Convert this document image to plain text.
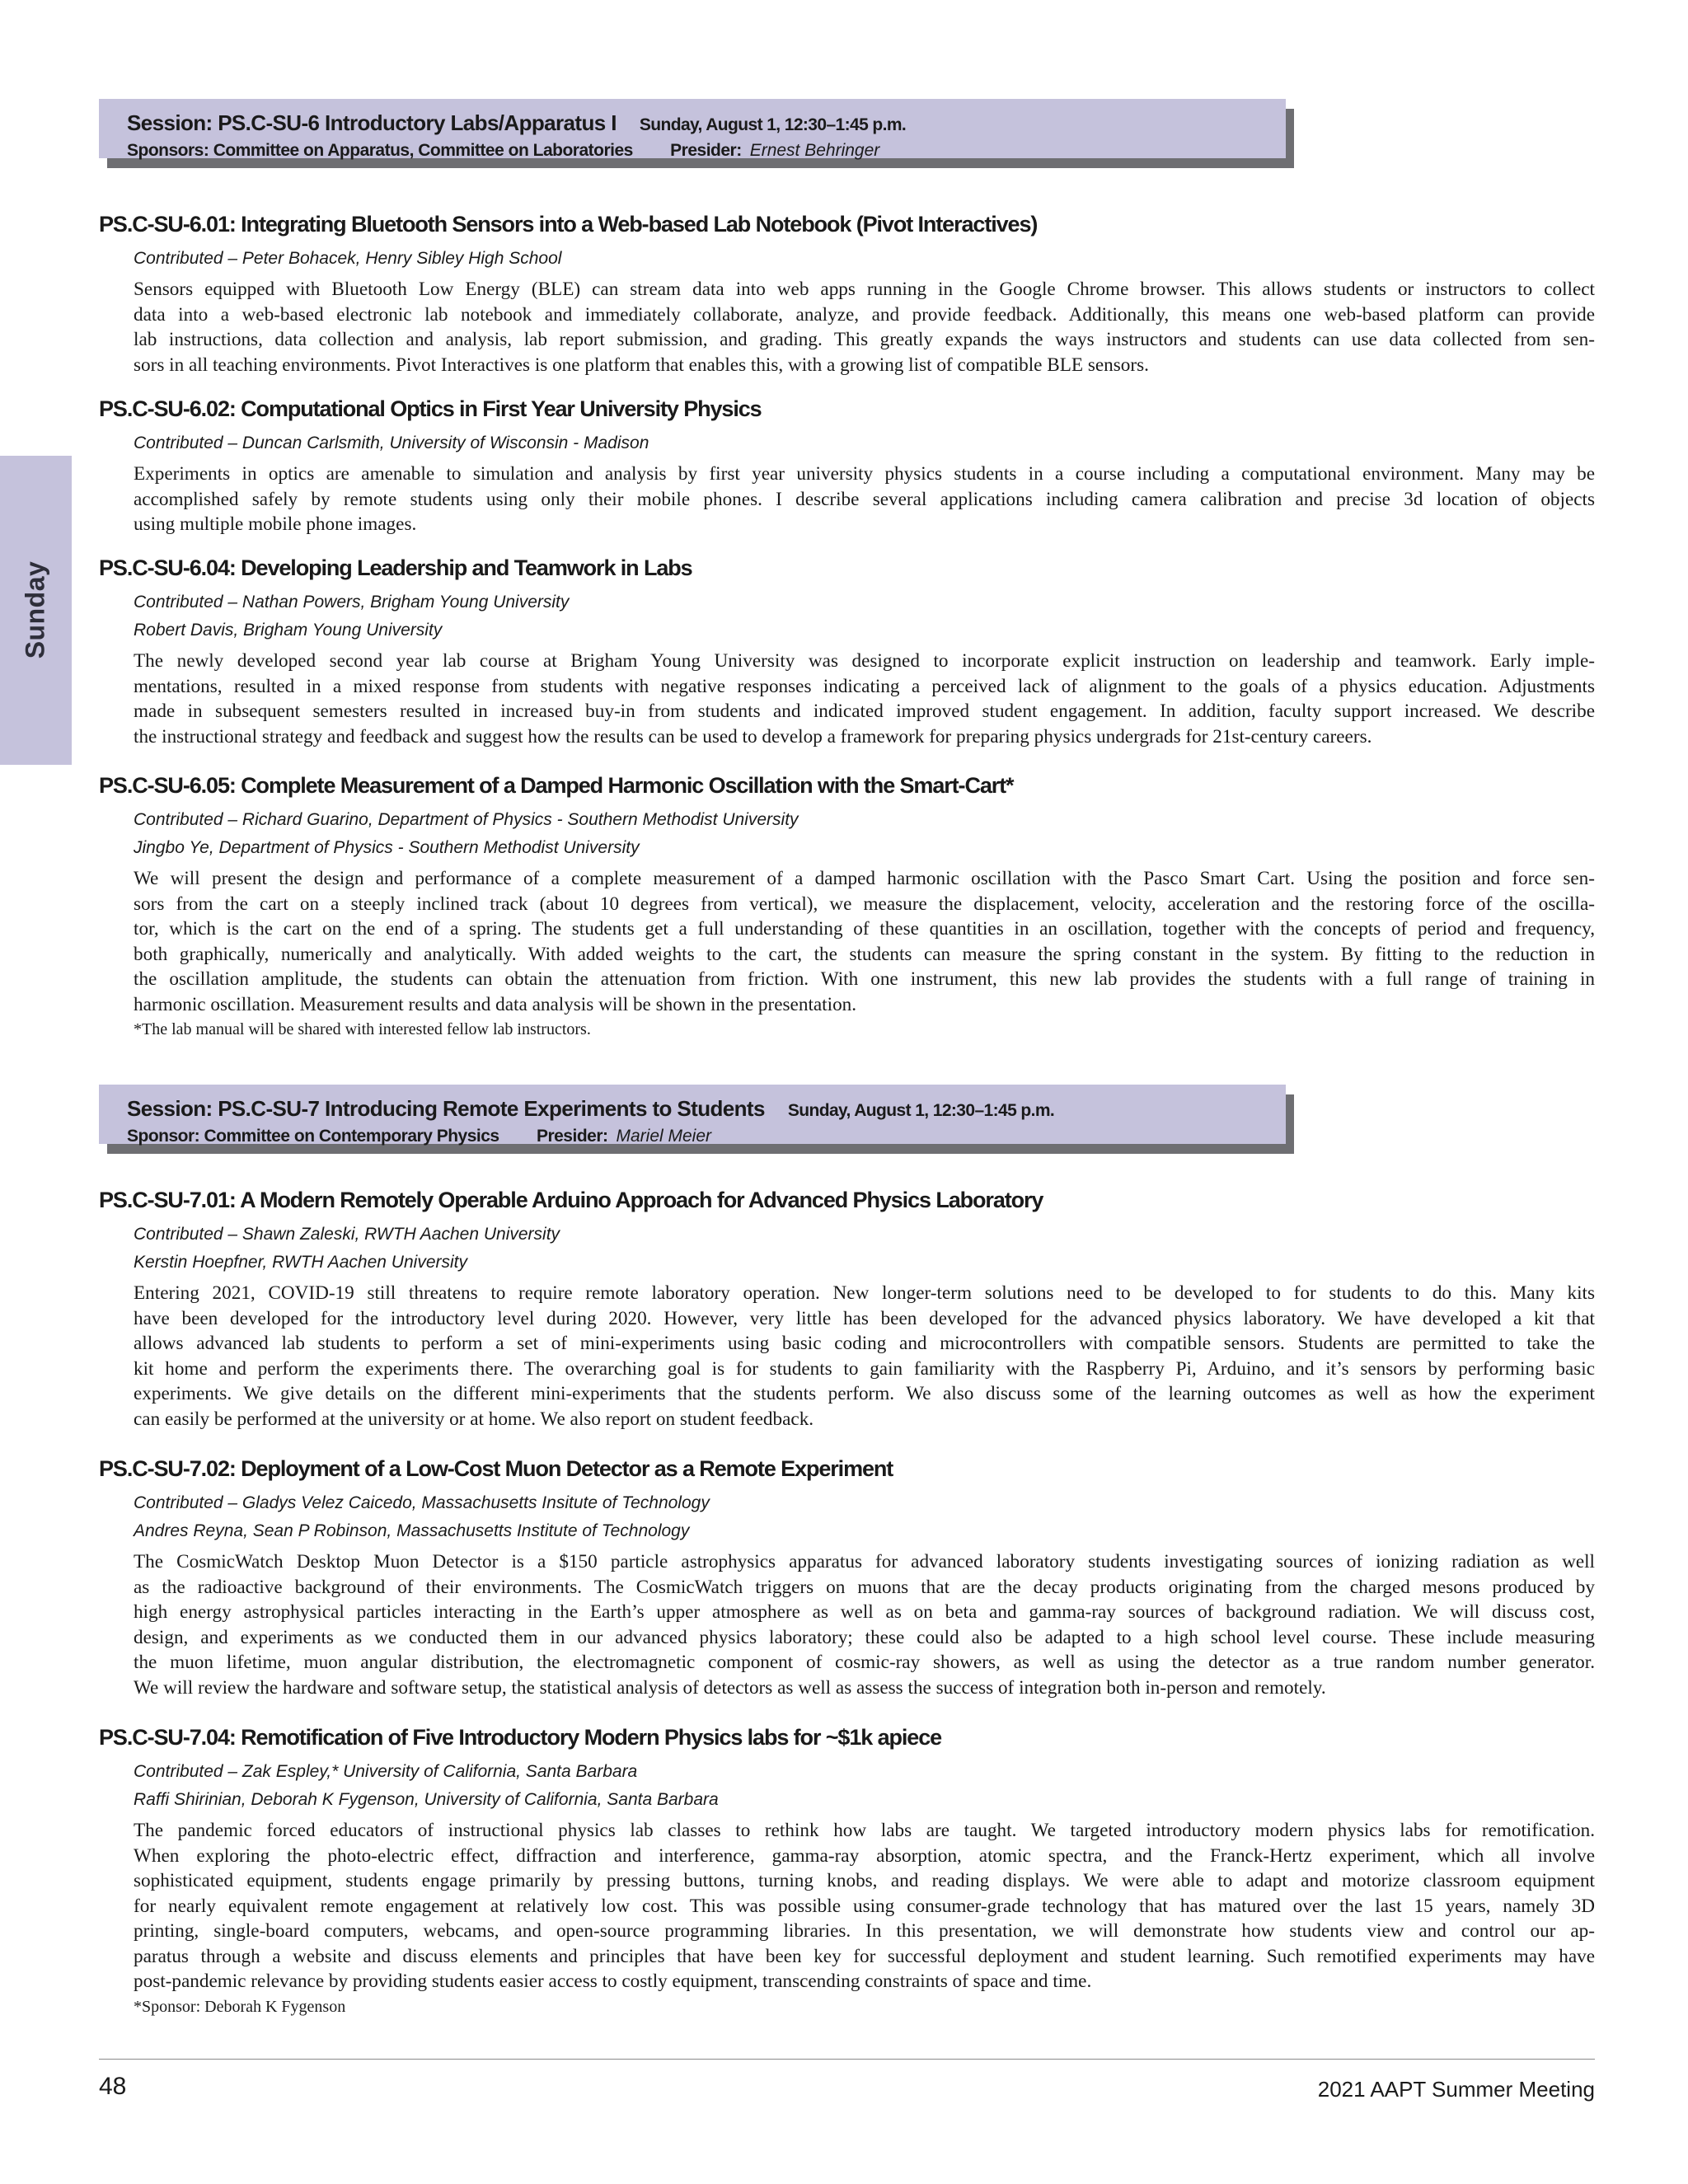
Sunday
Session: PS.C-SU-6 Introductory Labs/Apparatus I Sunday, August 1, 12:30–1:45 p.m.
Sponsors: Committee on Apparatus, Committee on Laboratories Presider: Ernest Behringer
PS.C-SU-6.01: Integrating Bluetooth Sensors into a Web-based Lab Notebook (Pivot Interactives)
Contributed – Peter Bohacek, Henry Sibley High School
Sensors equipped with Bluetooth Low Energy (BLE) can stream data into web apps running in the Google Chrome browser. This allows students or instructors to collect
data into a web-based electronic lab notebook and immediately collaborate, analyze, and provide feedback. Additionally, this means one web-based platform can provide
lab instructions, data collection and analysis, lab report submission, and grading. This greatly expands the ways instructors and students can use data collected from sen-
sors in all teaching environments. Pivot Interactives is one platform that enables this, with a growing list of compatible BLE sensors.
PS.C-SU-6.02: Computational Optics in First Year University Physics
Contributed – Duncan Carlsmith, University of Wisconsin - Madison
Experiments in optics are amenable to simulation and analysis by first year university physics students in a course including a computational environment. Many may be
accomplished safely by remote students using only their mobile phones. I describe several applications including camera calibration and precise 3d location of objects
using multiple mobile phone images.
PS.C-SU-6.04: Developing Leadership and Teamwork in Labs
Contributed – Nathan Powers, Brigham Young University
Robert Davis, Brigham Young University
The newly developed second year lab course at Brigham Young University was designed to incorporate explicit instruction on leadership and teamwork. Early imple-
mentations, resulted in a mixed response from students with negative responses indicating a perceived lack of alignment to the goals of a physics education. Adjustments
made in subsequent semesters resulted in increased buy-in from students and indicated improved student engagement. In addition, faculty support increased. We describe
the instructional strategy and feedback and suggest how the results can be used to develop a framework for preparing physics undergrads for 21st-century careers.
PS.C-SU-6.05: Complete Measurement of a Damped Harmonic Oscillation with the Smart-Cart*
Contributed – Richard Guarino, Department of Physics - Southern Methodist University
Jingbo Ye, Department of Physics - Southern Methodist University
We will present the design and performance of a complete measurement of a damped harmonic oscillation with the Pasco Smart Cart. Using the position and force sen-
sors from the cart on a steeply inclined track (about 10 degrees from vertical), we measure the displacement, velocity, acceleration and the restoring force of the oscilla-
tor, which is the cart on the end of a spring. The students get a full understanding of these quantities in an oscillation, together with the concepts of period and frequency,
both graphically, numerically and analytically. With added weights to the cart, the students can measure the spring constant in the system. By fitting to the reduction in
the oscillation amplitude, the students can obtain the attenuation from friction. With one instrument, this new lab provides the students with a full range of training in
harmonic oscillation. Measurement results and data analysis will be shown in the presentation.
*The lab manual will be shared with interested fellow lab instructors.
Session: PS.C-SU-7 Introducing Remote Experiments to Students Sunday, August 1, 12:30–1:45 p.m.
Sponsor: Committee on Contemporary Physics Presider: Mariel Meier
PS.C-SU-7.01: A Modern Remotely Operable Arduino Approach for Advanced Physics Laboratory
Contributed – Shawn Zaleski, RWTH Aachen University
Kerstin Hoepfner, RWTH Aachen University
Entering 2021, COVID-19 still threatens to require remote laboratory operation. New longer-term solutions need to be developed to for students to do this. Many kits
have been developed for the introductory level during 2020. However, very little has been developed for the advanced physics laboratory. We have developed a kit that
allows advanced lab students to perform a set of mini-experiments using basic coding and microcontrollers with compatible sensors. Students are permitted to take the
kit home and perform the experiments there. The overarching goal is for students to gain familiarity with the Raspberry Pi, Arduino, and it’s sensors by performing basic
experiments. We give details on the different mini-experiments that the students perform. We also discuss some of the learning outcomes as well as how the experiment
can easily be performed at the university or at home. We also report on student feedback.
PS.C-SU-7.02: Deployment of a Low-Cost Muon Detector as a Remote Experiment
Contributed – Gladys Velez Caicedo, Massachusetts Insitute of Technology
Andres Reyna, Sean P Robinson, Massachusetts Institute of Technology
The CosmicWatch Desktop Muon Detector is a $150 particle astrophysics apparatus for advanced laboratory students investigating sources of ionizing radiation as well
as the radioactive background of their environments. The CosmicWatch triggers on muons that are the decay products originating from the charged mesons produced by
high energy astrophysical particles interacting in the Earth’s upper atmosphere as well as on beta and gamma-ray sources of background radiation. We will discuss cost,
design, and experiments as we conducted them in our advanced physics laboratory; these could also be adapted to a high school level course. These include measuring
the muon lifetime, muon angular distribution, the electromagnetic component of cosmic-ray showers, as well as using the detector as a true random number generator.
We will review the hardware and software setup, the statistical analysis of detectors as well as assess the success of integration both in-person and remotely.
PS.C-SU-7.04: Remotification of Five Introductory Modern Physics labs for ~$1k apiece
Contributed – Zak Espley,* University of California, Santa Barbara
Raffi Shirinian, Deborah K Fygenson, University of California, Santa Barbara
The pandemic forced educators of instructional physics lab classes to rethink how labs are taught. We targeted introductory modern physics labs for remotification.
When exploring the photo-electric effect, diffraction and interference, gamma-ray absorption, atomic spectra, and the Franck-Hertz experiment, which all involve
sophisticated equipment, students engage primarily by pressing buttons, turning knobs, and reading displays. We were able to adapt and motorize classroom equipment
for nearly equivalent remote engagement at relatively low cost. This was possible using consumer-grade technology that has matured over the last 15 years, namely 3D
printing, single-board computers, webcams, and open-source programming libraries. In this presentation, we will demonstrate how students view and control our ap-
paratus through a website and discuss elements and principles that have been key for successful deployment and student learning. Such remotified experiments may have
post-pandemic relevance by providing students easier access to costly equipment, transcending constraints of space and time.
*Sponsor: Deborah K Fygenson
48	2021 AAPT Summer Meeting
